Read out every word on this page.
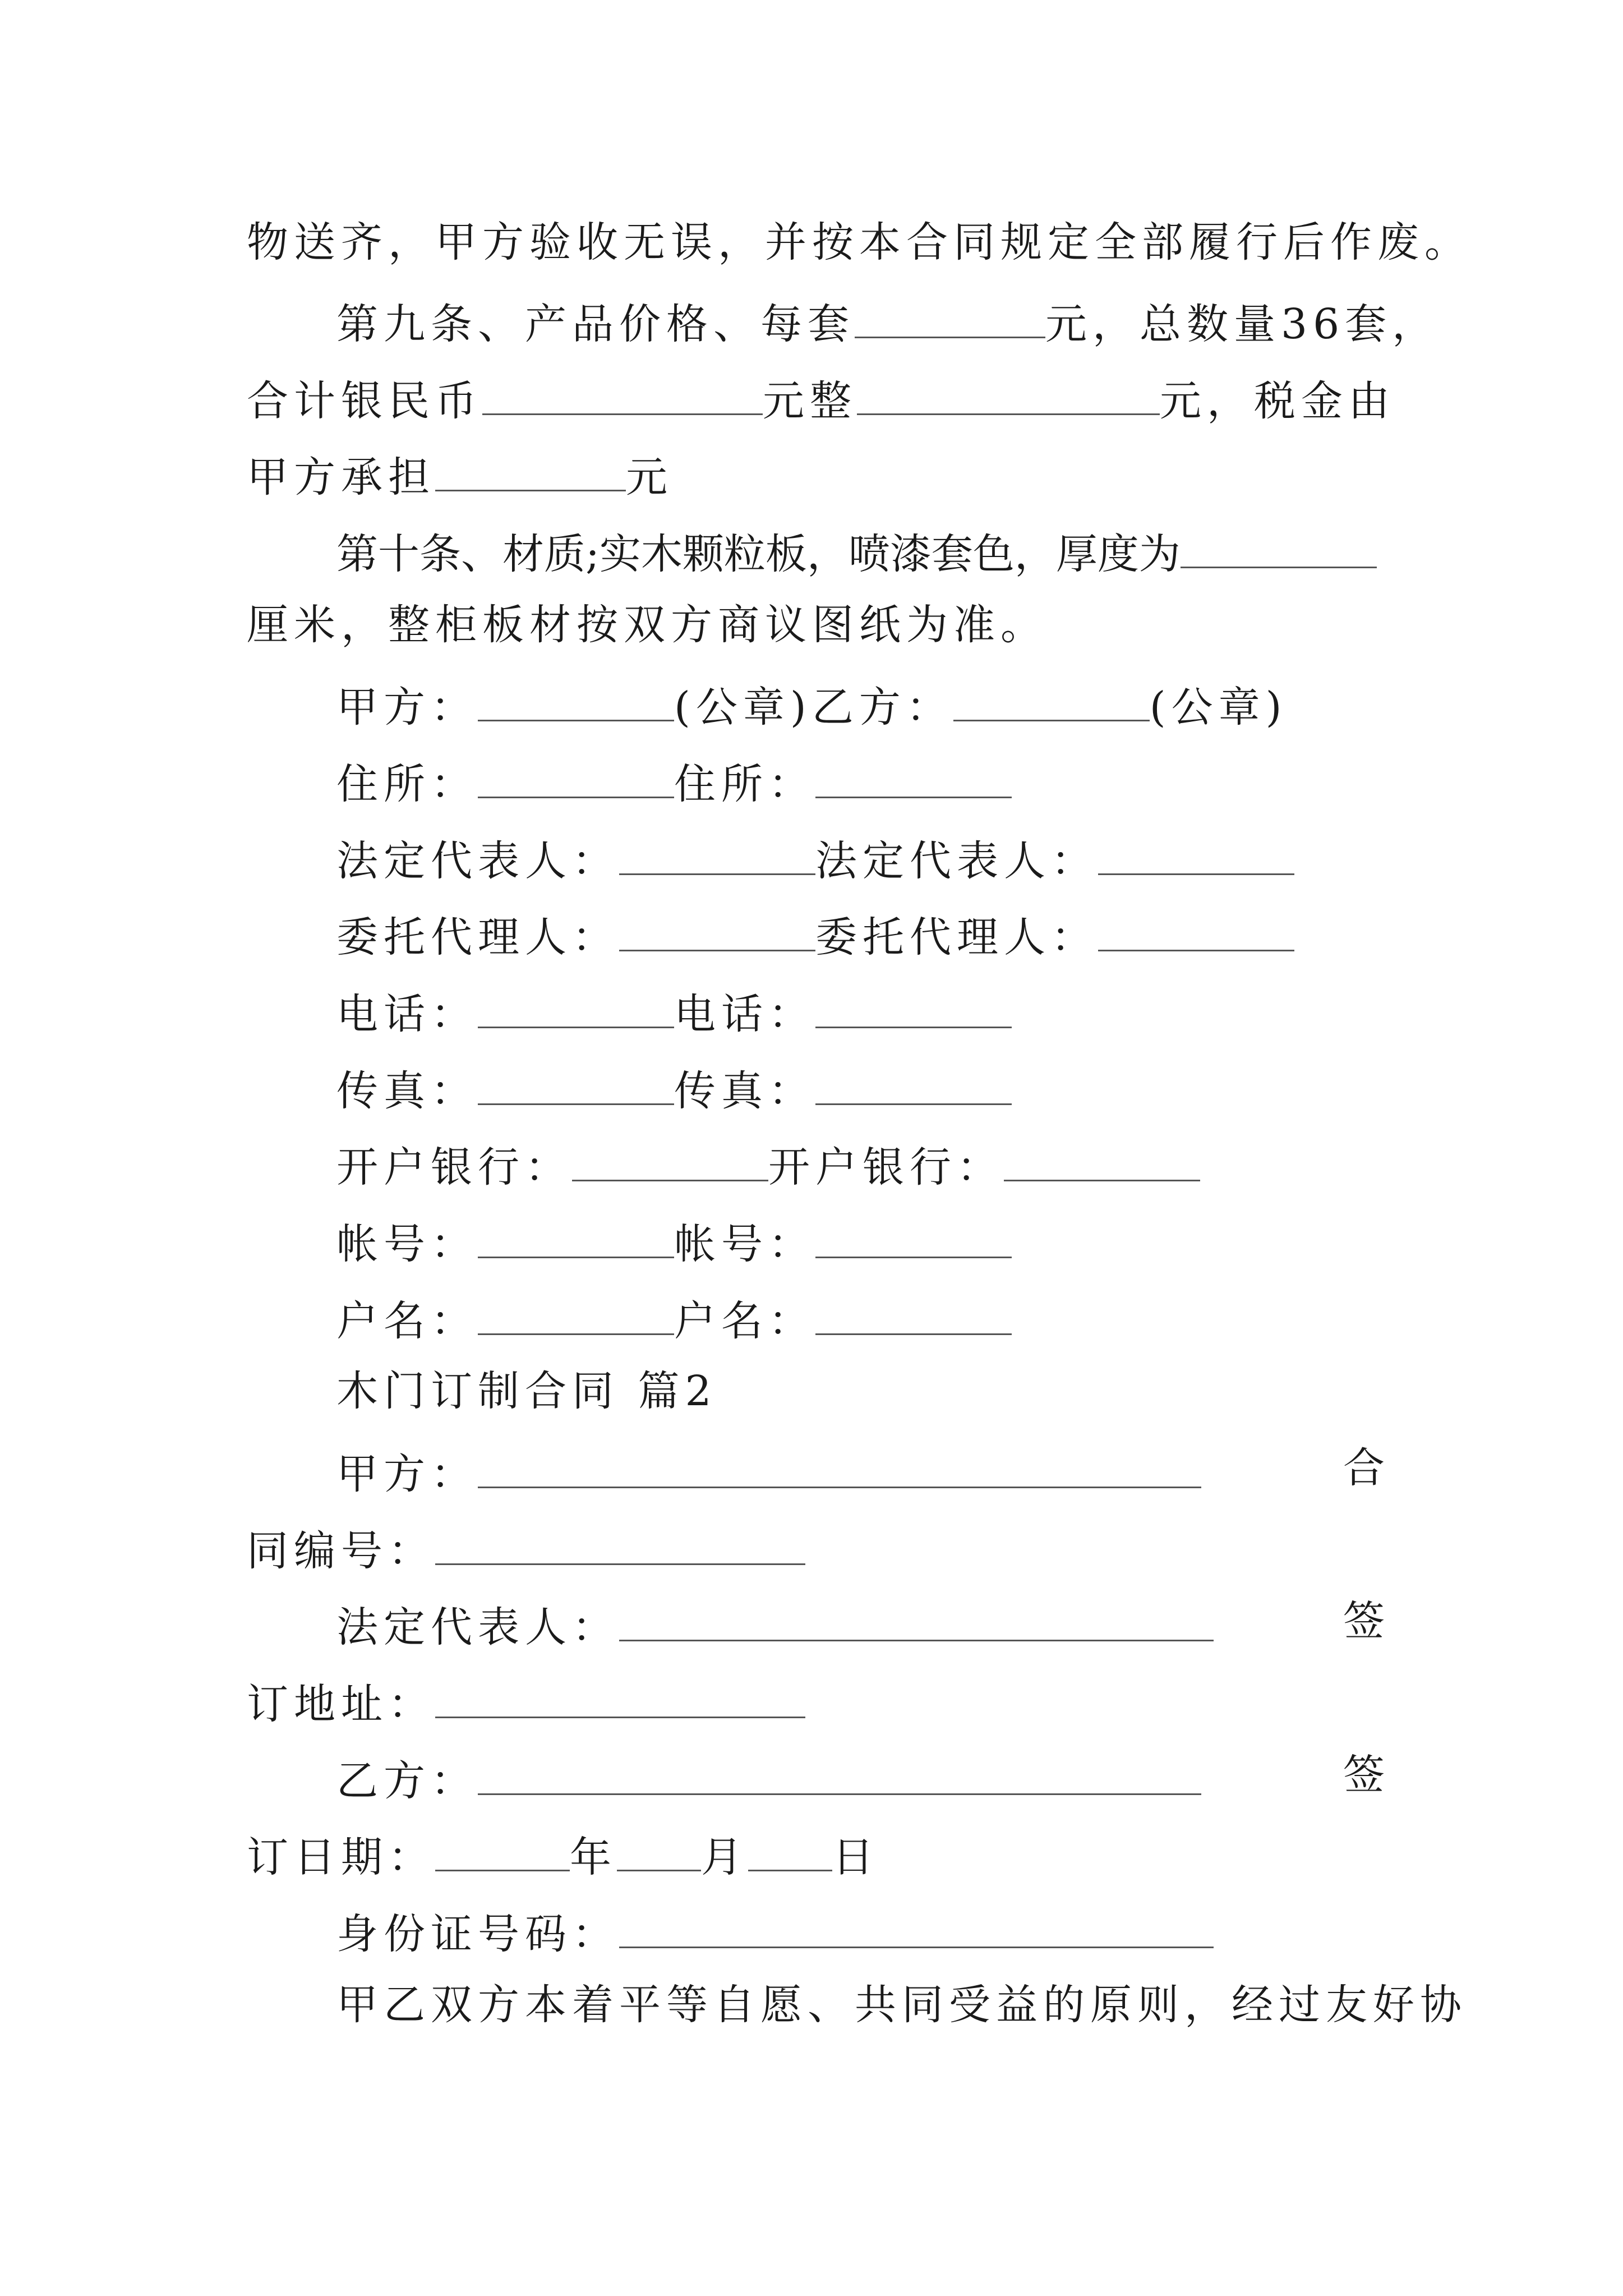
物送齐，甲方验收无误，并按本合同规定全部履行后作废。
第九条、产品价格、每套	元，总数量36套，
合计银民币	元整	元，税金由
甲方承担	元
第十条、材质;实木颗粒板，喷漆套色，厚度为
厘米，整柜板材按双方商议图纸为准。
甲方：	(公章)乙方：	(公章)
住所：	住所：
法定代表人：	法定代表人：
委托代理人：	委托代理人：
电话：	电话：
传真：	传真：
开户银行：	开户银行：
帐号：	帐号：
户名：	户名：
木门订制合同 篇2
甲方：	合
同编号：
法定代表人：	签
订地址：
乙方：	签
订日期：	年 月 日
身份证号码：
甲乙双方本着平等自愿、共同受益的原则，经过友好协
